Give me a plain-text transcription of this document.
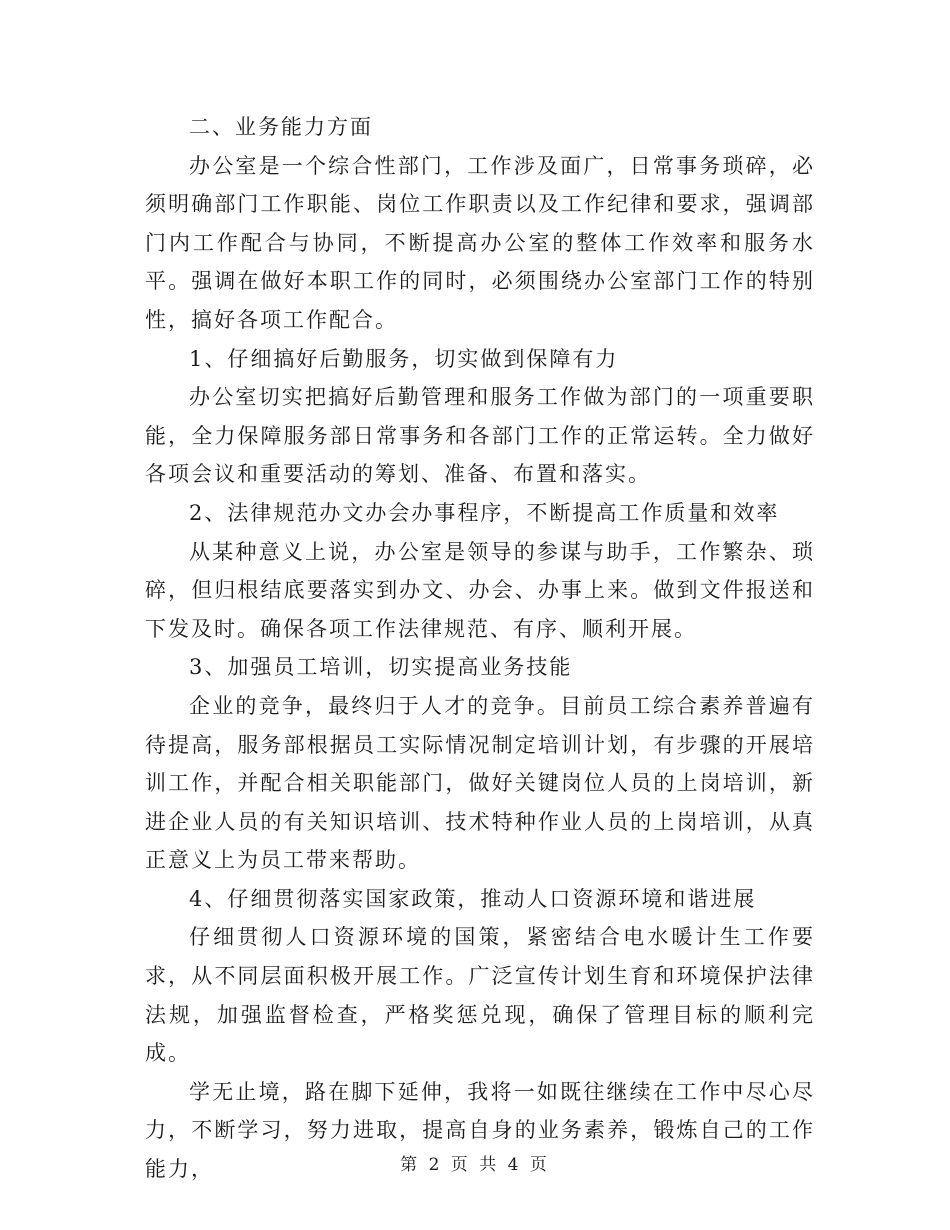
二、业务能力方面

办公室是一个综合性部门，工作涉及面广，日常事务琐碎，必须明确部门工作职能、岗位工作职责以及工作纪律和要求，强调部门内工作配合与协同，不断提高办公室的整体工作效率和服务水平。强调在做好本职工作的同时，必须围绕办公室部门工作的特别性，搞好各项工作配合。

1、仔细搞好后勤服务，切实做到保障有力

办公室切实把搞好后勤管理和服务工作做为部门的一项重要职能，全力保障服务部日常事务和各部门工作的正常运转。全力做好各项会议和重要活动的筹划、准备、布置和落实。

2、法律规范办文办会办事程序，不断提高工作质量和效率

从某种意义上说，办公室是领导的参谋与助手，工作繁杂、琐碎，但归根结底要落实到办文、办会、办事上来。做到文件报送和下发及时。确保各项工作法律规范、有序、顺利开展。

3、加强员工培训，切实提高业务技能

企业的竞争，最终归于人才的竞争。目前员工综合素养普遍有待提高，服务部根据员工实际情况制定培训计划，有步骤的开展培训工作，并配合相关职能部门，做好关键岗位人员的上岗培训，新进企业人员的有关知识培训、技术特种作业人员的上岗培训，从真正意义上为员工带来帮助。

4、仔细贯彻落实国家政策，推动人口资源环境和谐进展

仔细贯彻人口资源环境的国策，紧密结合电水暖计生工作要求，从不同层面积极开展工作。广泛宣传计划生育和环境保护法律法规，加强监督检查，严格奖惩兑现，确保了管理目标的顺利完成。

学无止境，路在脚下延伸，我将一如既往继续在工作中尽心尽力，不断学习，努力进取，提高自身的业务素养，锻炼自己的工作能力，	第 2 页 共 4 页
